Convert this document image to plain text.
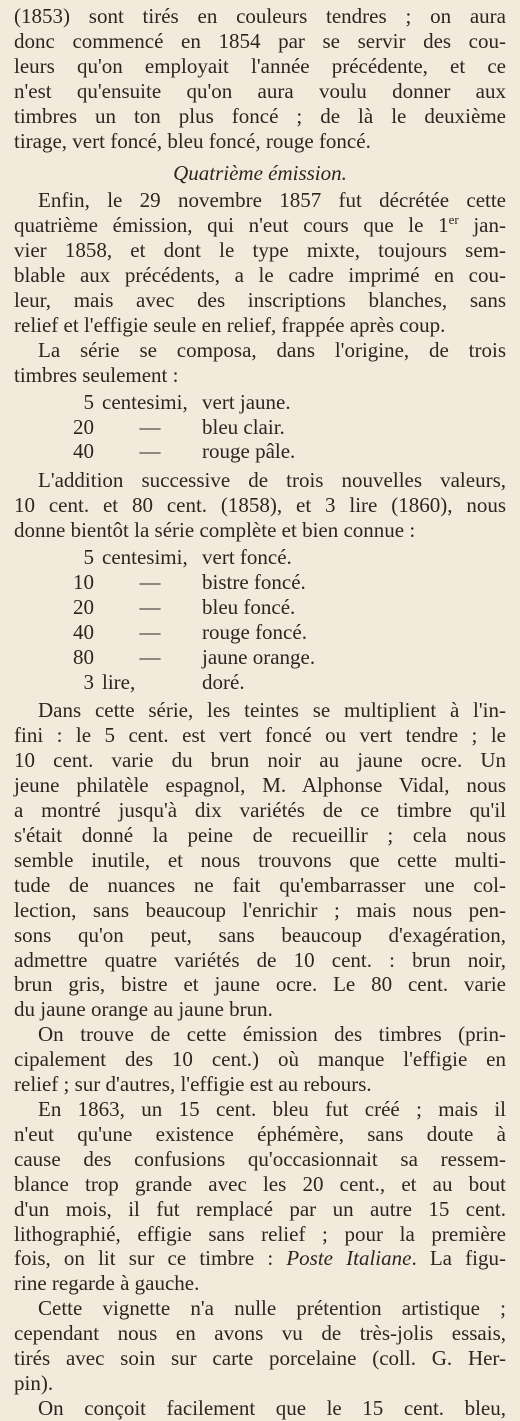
(1853) sont tirés en couleurs tendres ; on aura
donc commencé en 1854 par se servir des cou-
leurs qu'on employait l'année précédente, et ce
n'est qu'ensuite qu'on aura voulu donner aux
timbres un ton plus foncé ; de là le deuxième
tirage, vert foncé, bleu foncé, rouge foncé.

Quatrième émission.

Enfin, le 29 novembre 1857 fut décrétée cette
quatrième émission, qui n'eut cours que le 1er jan-
vier 1858, et dont le type mixte, toujours sem-
blable aux précédents, a le cadre imprimé en cou-
leur, mais avec des inscriptions blanches, sans
relief et l'effigie seule en relief, frappée après coup.

La série se composa, dans l'origine, de trois
timbres seulement :

5 centesimi, vert jaune.
20	—	bleu clair.
40	—	rouge pâle.

L'addition successive de trois nouvelles valeurs,
10 cent. et 80 cent. (1858), et 3 lire (1860), nous
donne bientôt la série complète et bien connue :

5 centesimi, vert foncé.
10	—	bistre foncé.
20	—	bleu foncé.
40	—	rouge foncé.
80	—	jaune orange.
3 lire,	doré.

Dans cette série, les teintes se multiplient à l'in-
fini : le 5 cent. est vert foncé ou vert tendre ; le
10 cent. varie du brun noir au jaune ocre. Un
jeune philatèle espagnol, M. Alphonse Vidal, nous
a montré jusqu'à dix variétés de ce timbre qu'il
s'était donné la peine de recueillir ; cela nous
semble inutile, et nous trouvons que cette multi-
tude de nuances ne fait qu'embarrasser une col-
lection, sans beaucoup l'enrichir ; mais nous pen-
sons qu'on peut, sans beaucoup d'exagération,
admettre quatre variétés de 10 cent. : brun noir,
brun gris, bistre et jaune ocre. Le 80 cent. varie
du jaune orange au jaune brun.

On trouve de cette émission des timbres (prin-
cipalement des 10 cent.) où manque l'effigie en
relief ; sur d'autres, l'effigie est au rebours.

En 1863, un 15 cent. bleu fut créé ; mais il
n'eut qu'une existence éphémère, sans doute à
cause des confusions qu'occasionnait sa ressem-
blance trop grande avec les 20 cent., et au bout
d'un mois, il fut remplacé par un autre 15 cent.
lithographié, effigie sans relief ; pour la première
fois, on lit sur ce timbre : Poste Italiane. La figu-
rine regarde à gauche.

Cette vignette n'a nulle prétention artistique ;
cependant nous en avons vu de très-jolis essais,
tirés avec soin sur carte porcelaine (coll. G. Her-
pin).

On conçoit facilement que le 15 cent. bleu,
